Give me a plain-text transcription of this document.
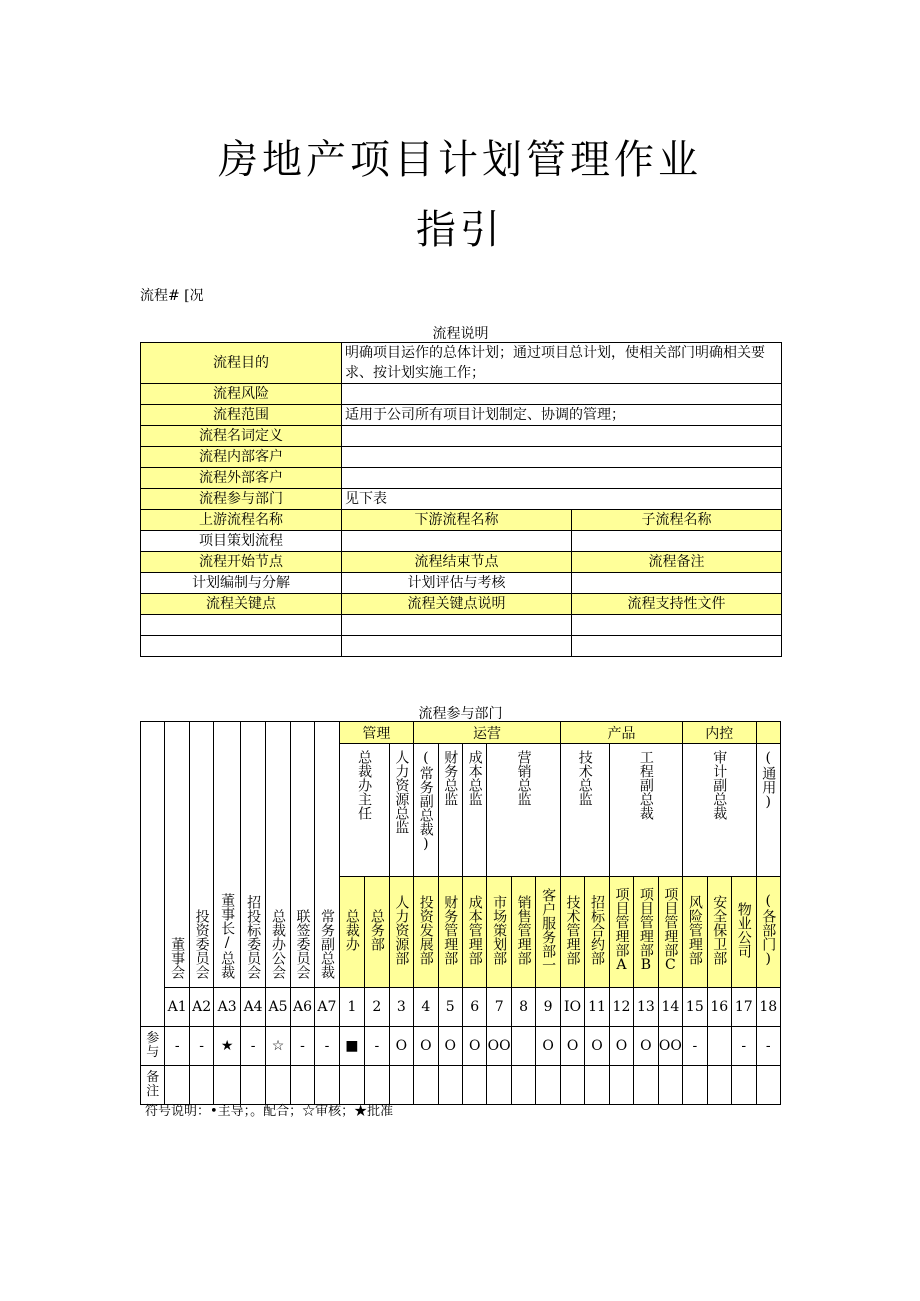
房地产项目计划管理作业
指引
流程# [况
流程说明
流程目的	明确项目运作的总体计划；通过项目总计划，使相关部门明确相关要求、按计划实施工作；	
流程风险		
流程范围	适用于公司所有项目计划制定、协调的管理；	
流程名词定义		
流程内部客户		
流程外部客户		
流程参与部门	见下表	
上游流程名称	下游流程名称	子流程名称
项目策划流程		
流程开始节点	流程结束节点	流程备注
计划编制与分解	计划评估与考核	
流程关键点	流程关键点说明	流程支持性文件

流程参与部门
	董事会	投资委员会	董事长/总裁	招投标委员会	总裁办公会	联签委员会	常务副总裁	管理			运营						产品					内控			
								总裁办主任		人力资源总监	(常务副总裁)	财务总监	成本总监	营销总监			技术总监		工程副总裁			审计副总裁			(通用)
								总裁办	总务部	人力资源部	投资发展部	财务管理部	成本管理部	市场策划部	销售管理部	客户服务部一	技术管理部	招标合约部	项目管理部A	项目管理部B	项目管理部C	风险管理部	安全保卫部	物业公司	(各部门)
	A1	A2	A3	A4	A5	A6	A7	1	2	3	4	5	6	7	8	9	IO	11	12	13	14	15	16	17	18
参与	-	-	★	-	☆	-	-	■	-	O	O	O	O	OO		O	O	O	O	O	OO	-		-	-
备注																									
符号说明：•主导；。配合；☆审核；★批准
